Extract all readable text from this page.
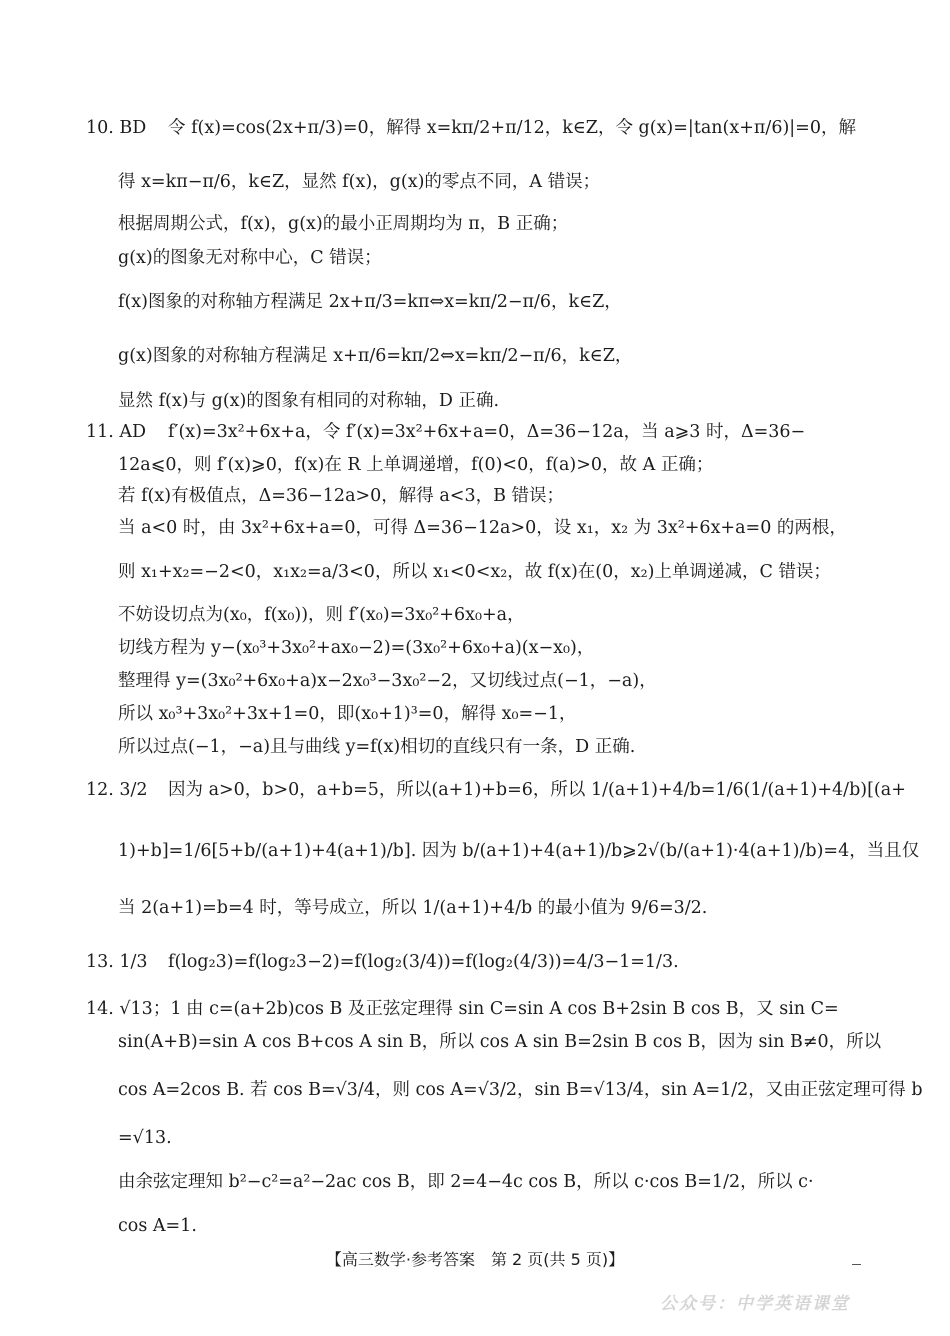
10. BD 令 f(x)=cos(2x+π/3)=0，解得 x=kπ/2+π/12，k∈Z，令 g(x)=|tan(x+π/6)|=0，解
得 x=kπ−π/6，k∈Z，显然 f(x)，g(x)的零点不同，A 错误；
根据周期公式，f(x)，g(x)的最小正周期均为 π，B 正确；
g(x)的图象无对称中心，C 错误；
f(x)图象的对称轴方程满足 2x+π/3=kπ⇔x=kπ/2−π/6，k∈Z，
g(x)图象的对称轴方程满足 x+π/6=kπ/2⇔x=kπ/2−π/6，k∈Z，
显然 f(x)与 g(x)的图象有相同的对称轴，D 正确.
11. AD f′(x)=3x²+6x+a，令 f′(x)=3x²+6x+a=0，Δ=36−12a，当 a⩾3 时，Δ=36−
12a⩽0，则 f′(x)⩾0，f(x)在 R 上单调递增，f(0)<0，f(a)>0，故 A 正确；
若 f(x)有极值点，Δ=36−12a>0，解得 a<3，B 错误；
当 a<0 时，由 3x²+6x+a=0，可得 Δ=36−12a>0，设 x₁，x₂ 为 3x²+6x+a=0 的两根，
则 x₁+x₂=−2<0，x₁x₂=a/3<0，所以 x₁<0<x₂，故 f(x)在(0，x₂)上单调递减，C 错误；
不妨设切点为(x₀，f(x₀))，则 f′(x₀)=3x₀²+6x₀+a，
切线方程为 y−(x₀³+3x₀²+ax₀−2)=(3x₀²+6x₀+a)(x−x₀)，
整理得 y=(3x₀²+6x₀+a)x−2x₀³−3x₀²−2，又切线过点(−1，−a)，
所以 x₀³+3x₀²+3x+1=0，即(x₀+1)³=0，解得 x₀=−1，
所以过点(−1，−a)且与曲线 y=f(x)相切的直线只有一条，D 正确.
12. 3/2 因为 a>0，b>0，a+b=5，所以(a+1)+b=6，所以 1/(a+1)+4/b=1/6(1/(a+1)+4/b)[(a+
1)+b]=1/6[5+b/(a+1)+4(a+1)/b]. 因为 b/(a+1)+4(a+1)/b⩾2√(b/(a+1)·4(a+1)/b)=4，当且仅
当 2(a+1)=b=4 时，等号成立，所以 1/(a+1)+4/b 的最小值为 9/6=3/2.
13. 1/3 f(log₂3)=f(log₂3−2)=f(log₂(3/4))=f(log₂(4/3))=4/3−1=1/3.
14. √13；1 由 c=(a+2b)cos B 及正弦定理得 sin C=sin A cos B+2sin B cos B，又 sin C=
sin(A+B)=sin A cos B+cos A sin B，所以 cos A sin B=2sin B cos B，因为 sin B≠0，所以
cos A=2cos B. 若 cos B=√3/4，则 cos A=√3/2，sin B=√13/4，sin A=1/2，又由正弦定理可得 b
=√13.
由余弦定理知 b²−c²=a²−2ac cos B，即 2=4−4c cos B，所以 c·cos B=1/2，所以 c·
cos A=1.
【高三数学·参考答案　第 2 页(共 5 页)】
公众号：中学英语课堂
